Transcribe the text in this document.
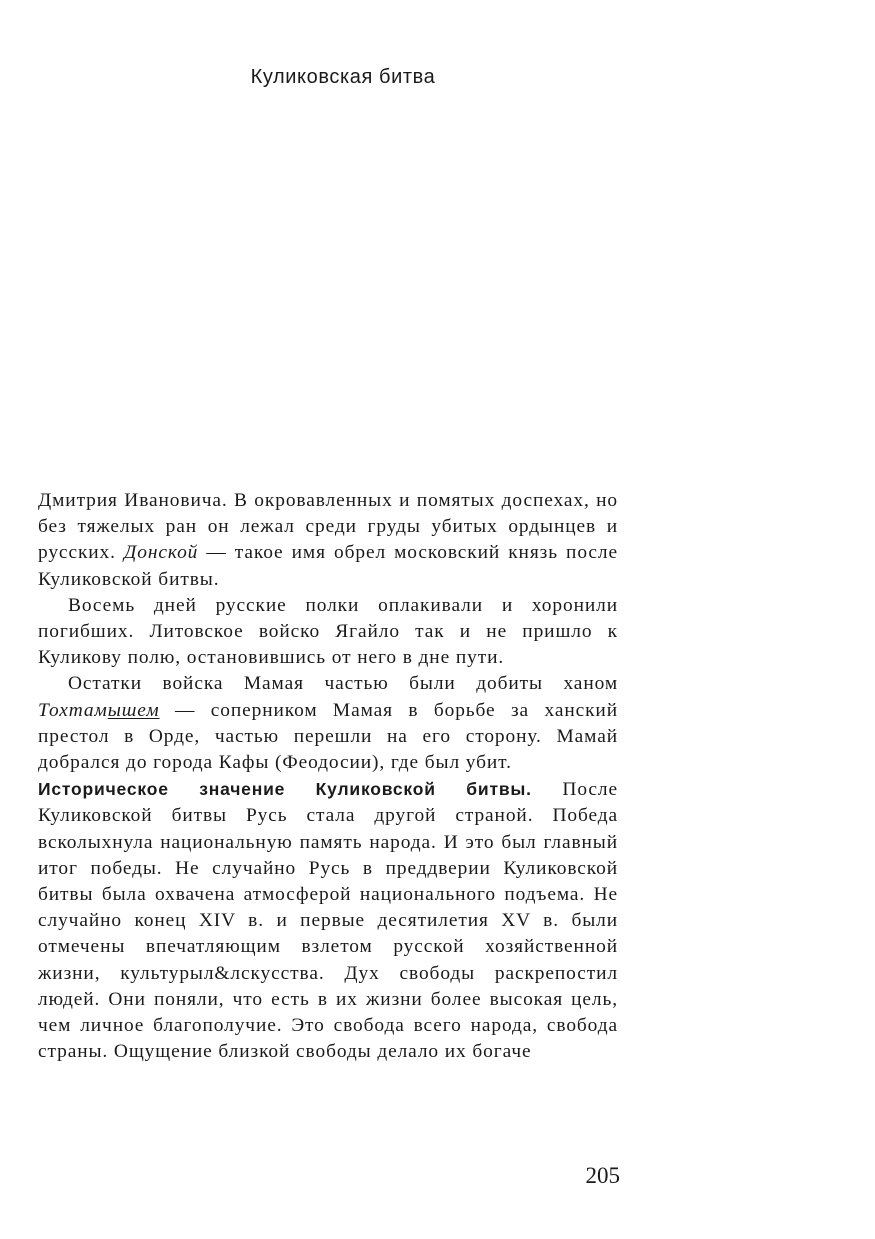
Куликовская битва

Дмитрия Ивановича. В окровавленных и помятых доспехах, но без тяжелых ран он лежал среди груды убитых ордынцев и русских. Донской — такое имя обрел московский князь после Куликовской битвы.

Восемь дней русские полки оплакивали и хоронили погибших. Литовское войско Ягайло так и не пришло к Куликову полю, остановившись от него в дне пути.

Остатки войска Мамая частью были добиты ханом Тохтамышем — соперником Мамая в борьбе за ханский престол в Орде, частью перешли на его сторону. Мамай добрался до города Кафы (Феодосии), где был убит.

Историческое значение Куликовской битвы. После Куликовской битвы Русь стала другой страной. Победа всколыхнула национальную память народа. И это был главный итог победы. Не случайно Русь в преддверии Куликовской битвы была охвачена атмосферой национального подъема. Не случайно конец XIV в. и первые десятилетия XV в. были отмечены впечатляющим взлетом русской хозяйственной жизни, культурыл&лскусства. Дух свободы раскрепостил людей. Они поняли, что есть в их жизни более высокая цель, чем личное благополучие. Это свобода всего народа, свобода страны. Ощущение близкой свободы делало их богаче

205
